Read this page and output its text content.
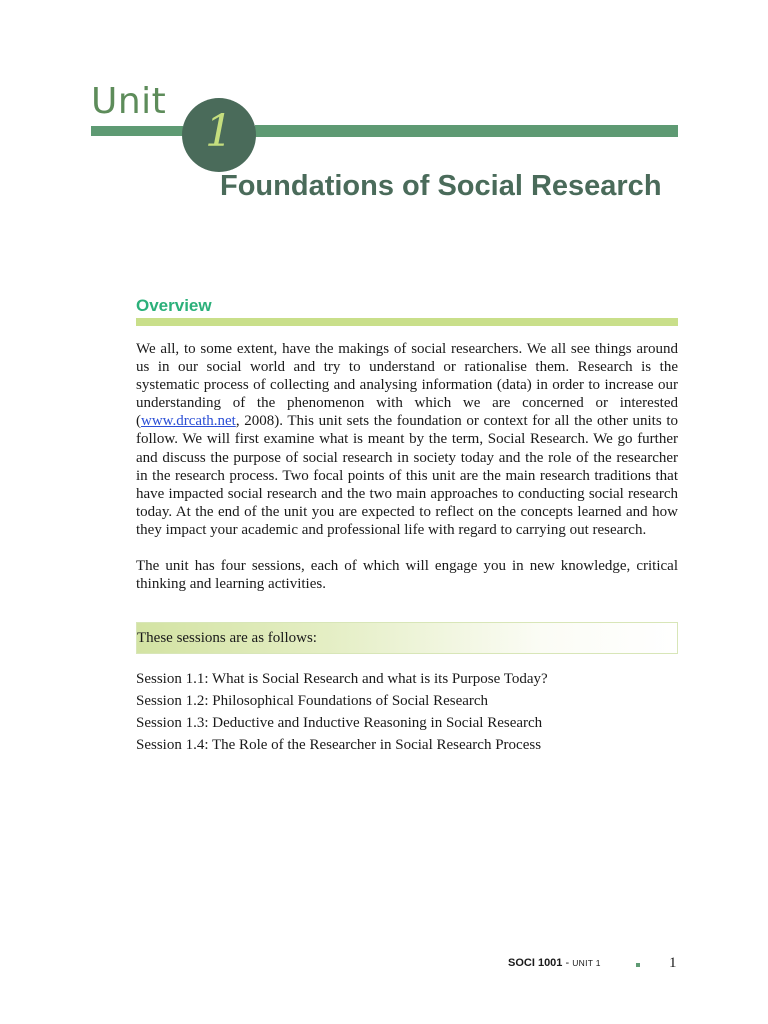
Unit
1
Foundations of Social Research
Overview

We all, to some extent, have the makings of social researchers. We all see things around us in our social world and try to understand or rationalise them. Research is the systematic process of collecting and analysing information (data) in order to increase our understanding of the phenomenon with which we are concerned or interested (www.drcath.net, 2008). This unit sets the foundation or context for all the other units to follow. We will first examine what is meant by the term, Social Research. We go further and discuss the purpose of social research in society today and the role of the researcher in the research process. Two focal points of this unit are the main research traditions that have impacted social research and the two main approaches to conducting social research today. At the end of the unit you are expected to reflect on the concepts learned and how they impact your academic and professional life with regard to carrying out research.

The unit has four sessions, each of which will engage you in new knowledge, critical thinking and learning activities.

These sessions are as follows:
Session 1.1: What is Social Research and what is its Purpose Today?
Session 1.2: Philosophical Foundations of Social Research
Session 1.3: Deductive and Inductive Reasoning in Social Research
Session 1.4: The Role of the Researcher in Social Research Process
SOCI 1001 - UNIT 1	1
